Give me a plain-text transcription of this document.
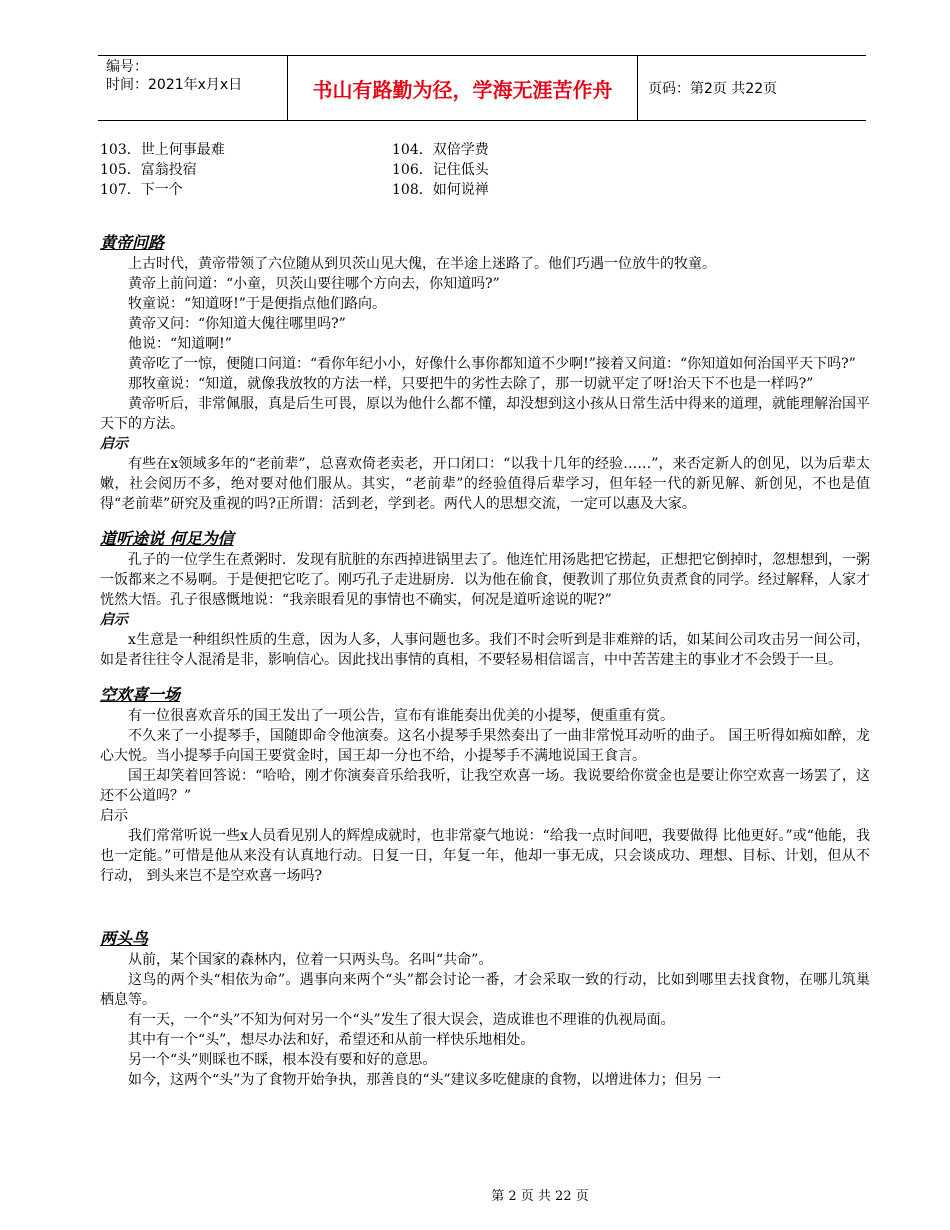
编号：
时间：2021年x月x日	书山有路勤为径，学海无涯苦作舟	页码：第2页 共22页
103．世上何事最难	104．双倍学费
105．富翁投宿	106．记住低头
107．下一个	108．如何说禅
黄帝问路

上古时代，黄帝带领了六位随从到贝茨山见大傀，在半途上迷路了。他们巧遇一位放牛的牧童。

黄帝上前问道：“小童，贝茨山要往哪个方向去，你知道吗?”

牧童说：“知道呀!”于是便指点他们路向。

黄帝又问：“你知道大傀往哪里吗?”

他说：“知道啊!”

黄帝吃了一惊，便随口问道：“看你年纪小小，好像什么事你都知道不少啊!”接着又问道：“你知道如何治国平天下吗?”

那牧童说：“知道，就像我放牧的方法一样，只要把牛的劣性去除了，那一切就平定了呀!治天下不也是一样吗?”

黄帝听后，非常佩服，真是后生可畏，原以为他什么都不懂，却没想到这小孩从日常生活中得来的道理，就能理解治国平天下的方法。

启示

有些在x领域多年的“老前辈”，总喜欢倚老卖老，开口闭口：“以我十几年的经验……”，来否定新人的创见，以为后辈太嫩，社会阅历不多，绝对要对他们服从。其实，“老前辈”的经验值得后辈学习，但年轻一代的新见解、新创见，不也是值得“老前辈”研究及重视的吗?正所谓：活到老，学到老。两代人的思想交流，一定可以惠及大家。

道听途说 何足为信

孔子的一位学生在煮粥时．发现有肮脏的东西掉进锅里去了。他连忙用汤匙把它捞起，正想把它倒掉时，忽想想到，一粥一饭都来之不易啊。于是便把它吃了。刚巧孔子走进厨房．以为他在偷食，便教训了那位负责煮食的同学。经过解释，人家才恍然大悟。孔子很感慨地说：“我亲眼看见的事情也不确实，何况是道听途说的呢?”

启示

x生意是一种组织性质的生意，因为人多，人事问题也多。我们不时会听到是非难辩的话，如某间公司攻击另一间公司，如是者往往令人混淆是非，影响信心。因此找出事情的真相，不要轻易相信谣言，中中苦苦建主的事业才不会毁于一旦。

空欢喜一场

有一位很喜欢音乐的国王发出了一项公告，宣布有谁能奏出优美的小提琴，便重重有赏。

不久来了一小提琴手，国随即命令他演奏。这名小提琴手果然奏出了一曲非常悦耳动听的曲子。 国王听得如痴如醉，龙心大悦。当小提琴手向国王要赏金时，国王却一分也不给，小提琴手不满地说国王食言。

国王却笑着回答说：“哈哈，刚才你演奏音乐给我听，让我空欢喜一场。我说要给你赏金也是要让你空欢喜一场罢了，这还不公道吗？”

启示

我们常常听说一些x人员看见别人的辉煌成就时，也非常豪气地说：“给我一点时间吧，我要做得 比他更好。”或“他能，我也一定能。”可惜是他从来没有认真地行动。日复一日，年复一年，他却一事无成，只会谈成功、理想、目标、计划，但从不行动， 到头来岂不是空欢喜一场吗?

两头鸟

从前，某个国家的森林内，位着一只两头鸟。名叫“共命”。

这鸟的两个头“相依为命”。遇事向来两个“头”都会讨论一番，才会采取一致的行动，比如到哪里去找食物，在哪儿筑巢栖息等。

有一天，一个“头”不知为何对另一个“头”发生了很大误会，造成谁也不理谁的仇视局面。

其中有一个“头”，想尽办法和好，希望还和从前一样快乐地相处。

另一个“头”则睬也不睬，根本没有要和好的意思。

如今，这两个“头”为了食物开始争执，那善良的“头”建议多吃健康的食物，以增进体力；但另 一

第 2 页 共 22 页
